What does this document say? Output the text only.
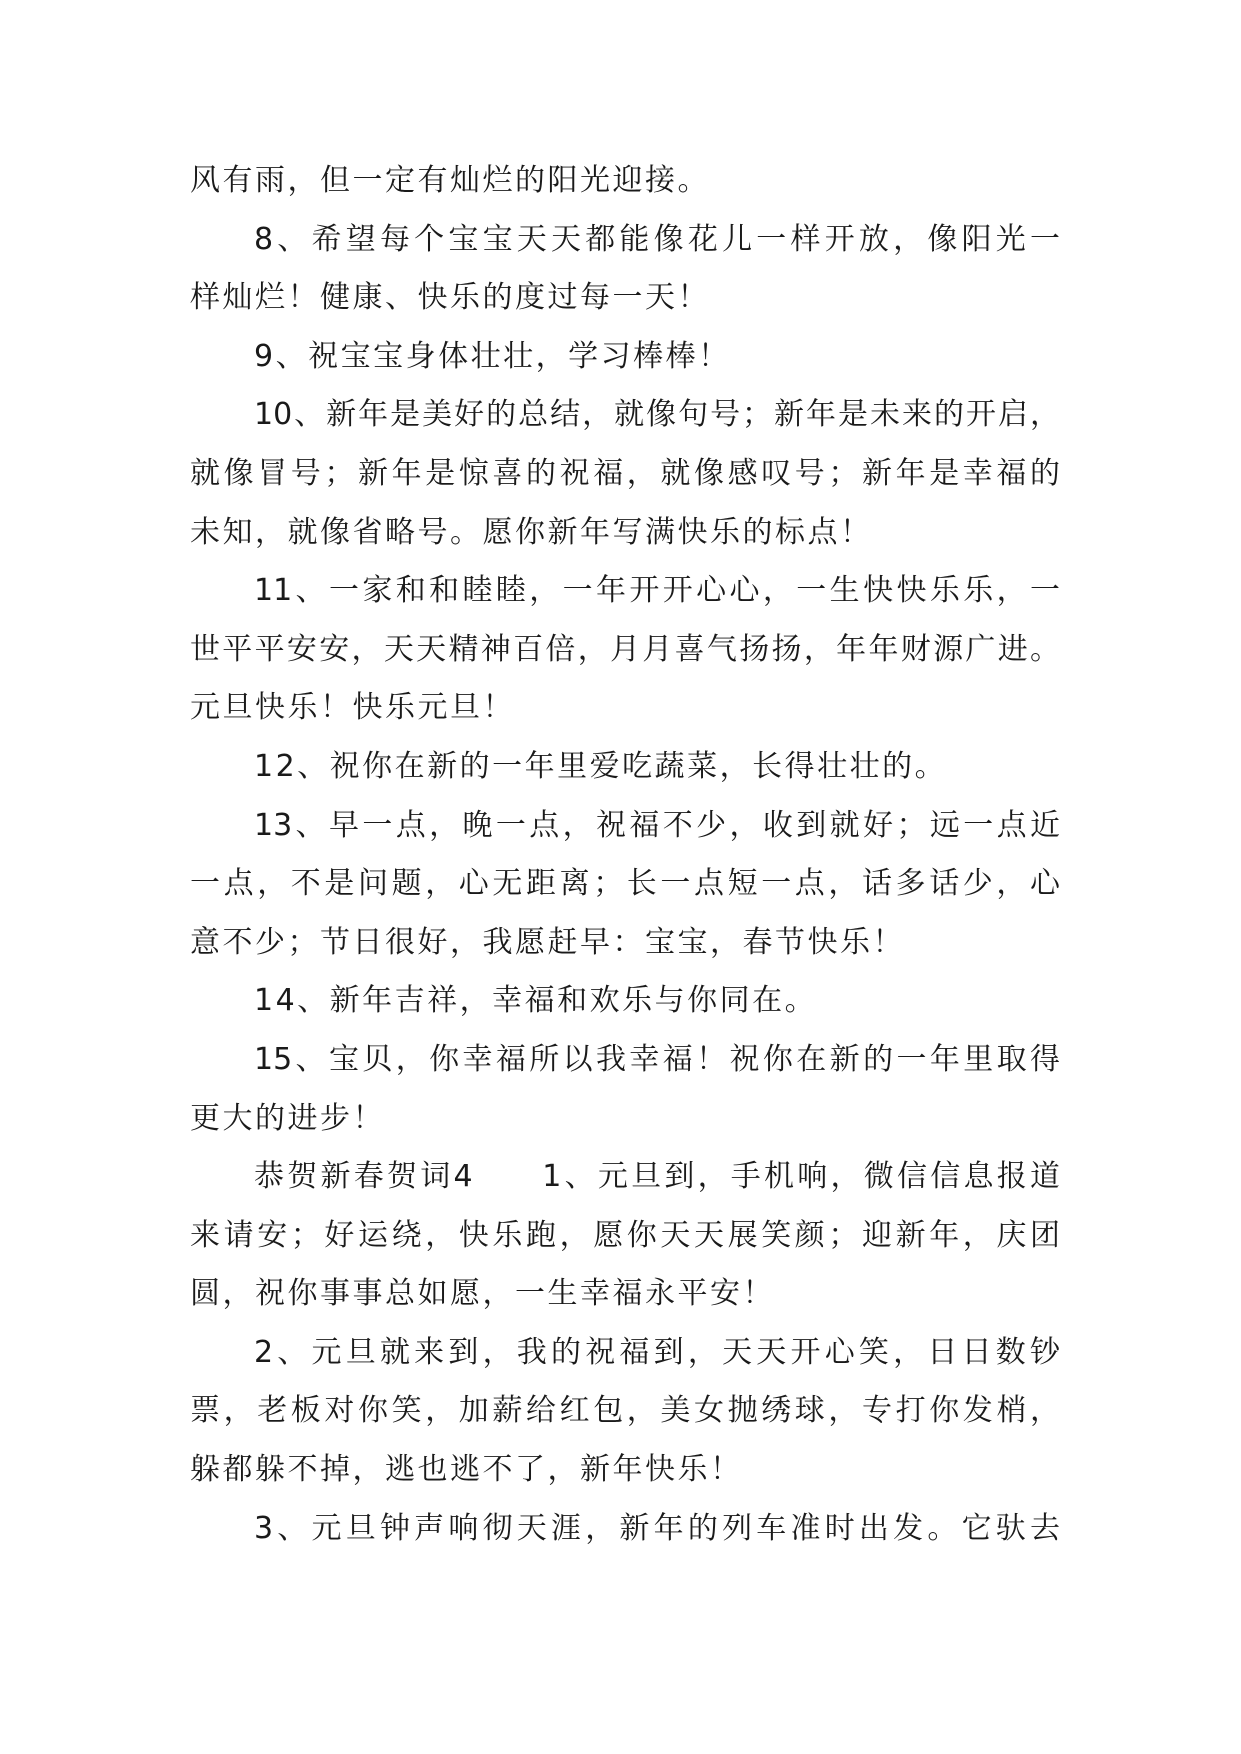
风有雨，但一定有灿烂的阳光迎接。
8、希望每个宝宝天天都能像花儿一样开放，像阳光一
样灿烂！健康、快乐的度过每一天！
9、祝宝宝身体壮壮，学习棒棒！
10、新年是美好的总结，就像句号；新年是未来的开启，
就像冒号；新年是惊喜的祝福，就像感叹号；新年是幸福的
未知，就像省略号。愿你新年写满快乐的标点！
11、一家和和睦睦，一年开开心心，一生快快乐乐，一
世平平安安，天天精神百倍，月月喜气扬扬，年年财源广进。
元旦快乐！快乐元旦！
12、祝你在新的一年里爱吃蔬菜，长得壮壮的。
13、早一点，晚一点，祝福不少，收到就好；远一点近
一点，不是问题，心无距离；长一点短一点，话多话少，心
意不少；节日很好，我愿赶早：宝宝，春节快乐！
14、新年吉祥，幸福和欢乐与你同在。
15、宝贝，你幸福所以我幸福！祝你在新的一年里取得
更大的进步！
恭贺新春贺词4　　1、元旦到，手机响，微信信息报道
来请安；好运绕，快乐跑，愿你天天展笑颜；迎新年，庆团
圆，祝你事事总如愿，一生幸福永平安！
2、元旦就来到，我的祝福到，天天开心笑，日日数钞
票，老板对你笑，加薪给红包，美女抛绣球，专打你发梢，
躲都躲不掉，逃也逃不了，新年快乐！
3、元旦钟声响彻天涯，新年的列车准时出发。它驮去
